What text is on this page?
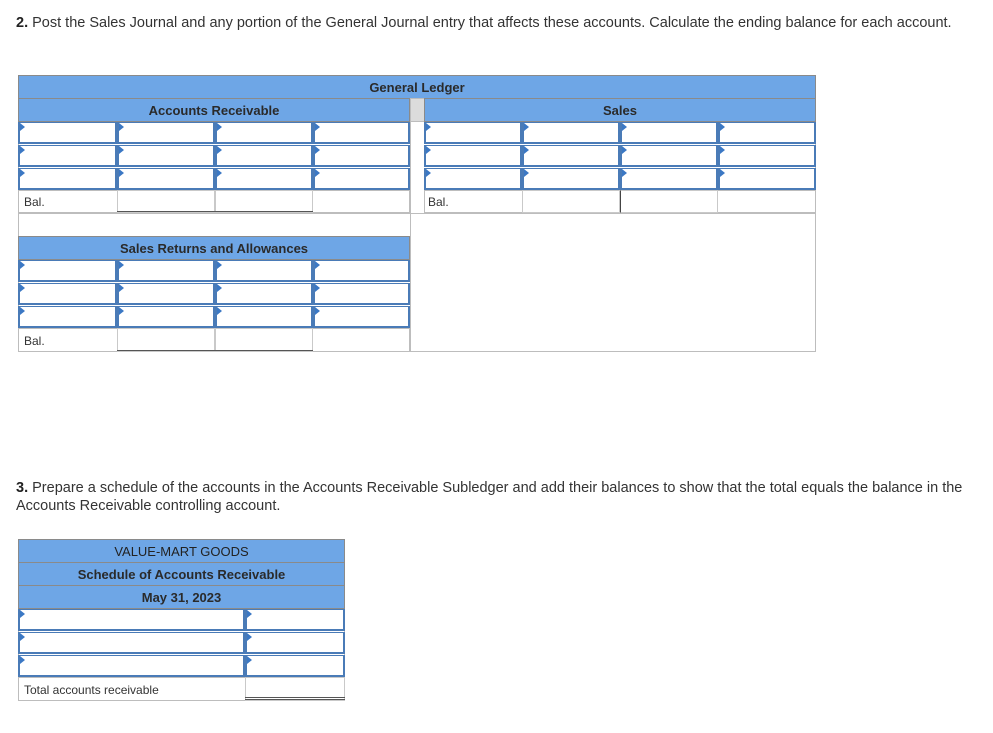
2. Post the Sales Journal and any portion of the General Journal entry that affects these accounts. Calculate the ending balance for each account.
General Ledger
Accounts Receivable	Sales
Bal.	Bal.
Sales Returns and Allowances
Bal.
3. Prepare a schedule of the accounts in the Accounts Receivable Subledger and add their balances to show that the total equals the balance in the Accounts Receivable controlling account.
VALUE-MART GOODS
Schedule of Accounts Receivable
May 31, 2023
Total accounts receivable
